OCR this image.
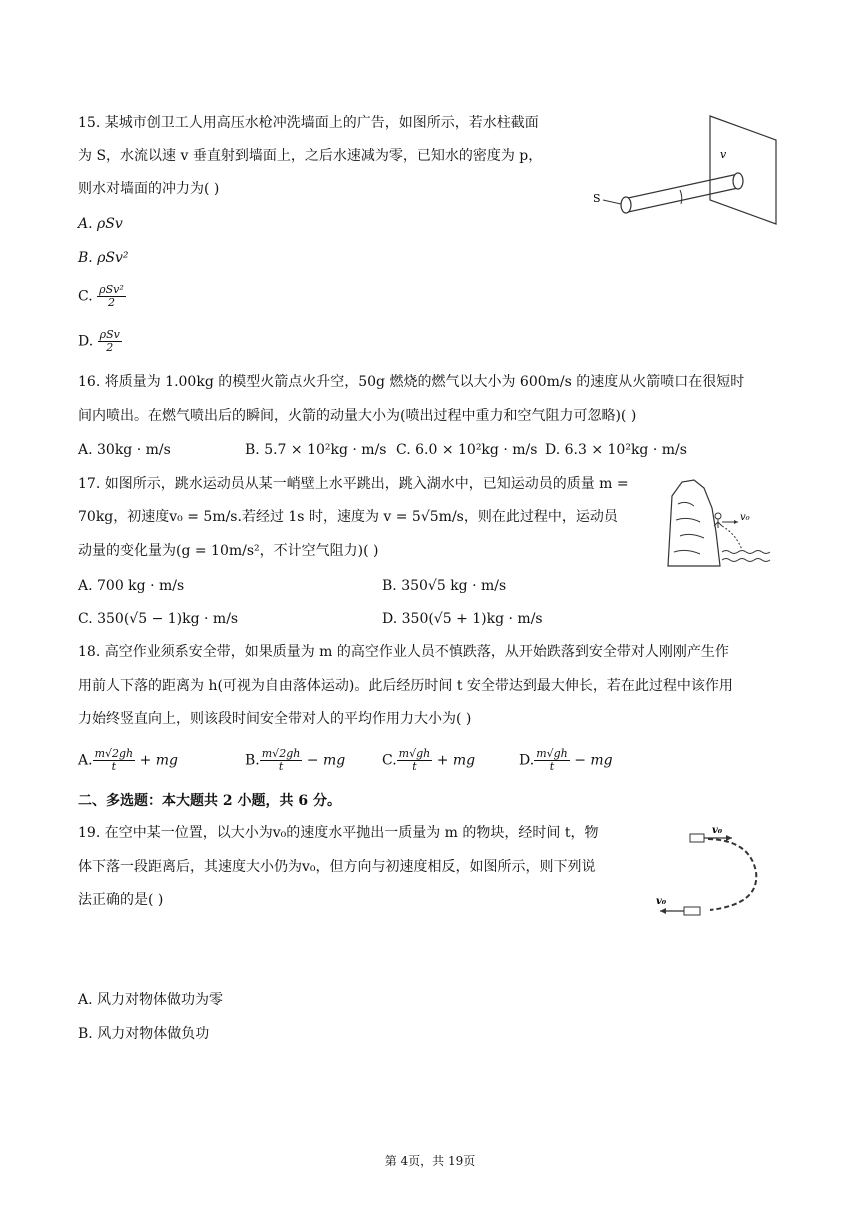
15. 某城市创卫工人用高压水枪冲洗墙面上的广告，如图所示，若水柱截面
为 S，水流以速 v 垂直射到墙面上，之后水速减为零，已知水的密度为 p，
则水对墙面的冲力为( )
A. ρSv
B. ρSv²
C. $\frac{\text{ρSv²}}{2}$
D. $\frac{\text{ρSv}}{2}$
S
v
16. 将质量为 1.00kg 的模型火箭点火升空，50g 燃烧的燃气以大小为 600m/s 的速度从火箭喷口在很短时
间内喷出。在燃气喷出后的瞬间，火箭的动量大小为(喷出过程中重力和空气阻力可忽略)( )
A. 30kg · m/s	B. 5.7 × 10²kg · m/s C. 6.0 × 10²kg · m/s D. 6.3 × 10²kg · m/s
17. 如图所示，跳水运动员从某一峭壁上水平跳出，跳入湖水中，已知运动员的质量 m =
70kg，初速度v₀ = 5m/s.若经过 1s 时，速度为 v = 5√5m/s，则在此过程中，运动员
动量的变化量为(g = 10m/s²，不计空气阻力)( )
A. 700 kg · m/s	B. 350√5 kg · m/s
C. 350(√5 − 1)kg · m/s	D. 350(√5 + 1)kg · m/s
v₀
18. 高空作业须系安全带，如果质量为 m 的高空作业人员不慎跌落，从开始跌落到安全带对人刚刚产生作
用前人下落的距离为 h(可视为自由落体运动)。此后经历时间 t 安全带达到最大伸长，若在此过程中该作用
力始终竖直向上，则该段时间安全带对人的平均作用力大小为( )
A. $\frac{m√2gh}{t}$ + mg	B. $\frac{m√2gh}{t}$ − mg	C. $\frac{m√gh}{t}$ + mg	D. $\frac{m√gh}{t}$ − mg
二、多选题：本大题共 2 小题，共 6 分。
19. 在空中某一位置，以大小为v₀的速度水平抛出一质量为 m 的物块，经时间 t，物
体下落一段距离后，其速度大小仍为v₀，但方向与初速度相反，如图所示，则下列说
法正确的是( )
v₀
v₀
A. 风力对物体做功为零
B. 风力对物体做负功
第 4页，共 19页
